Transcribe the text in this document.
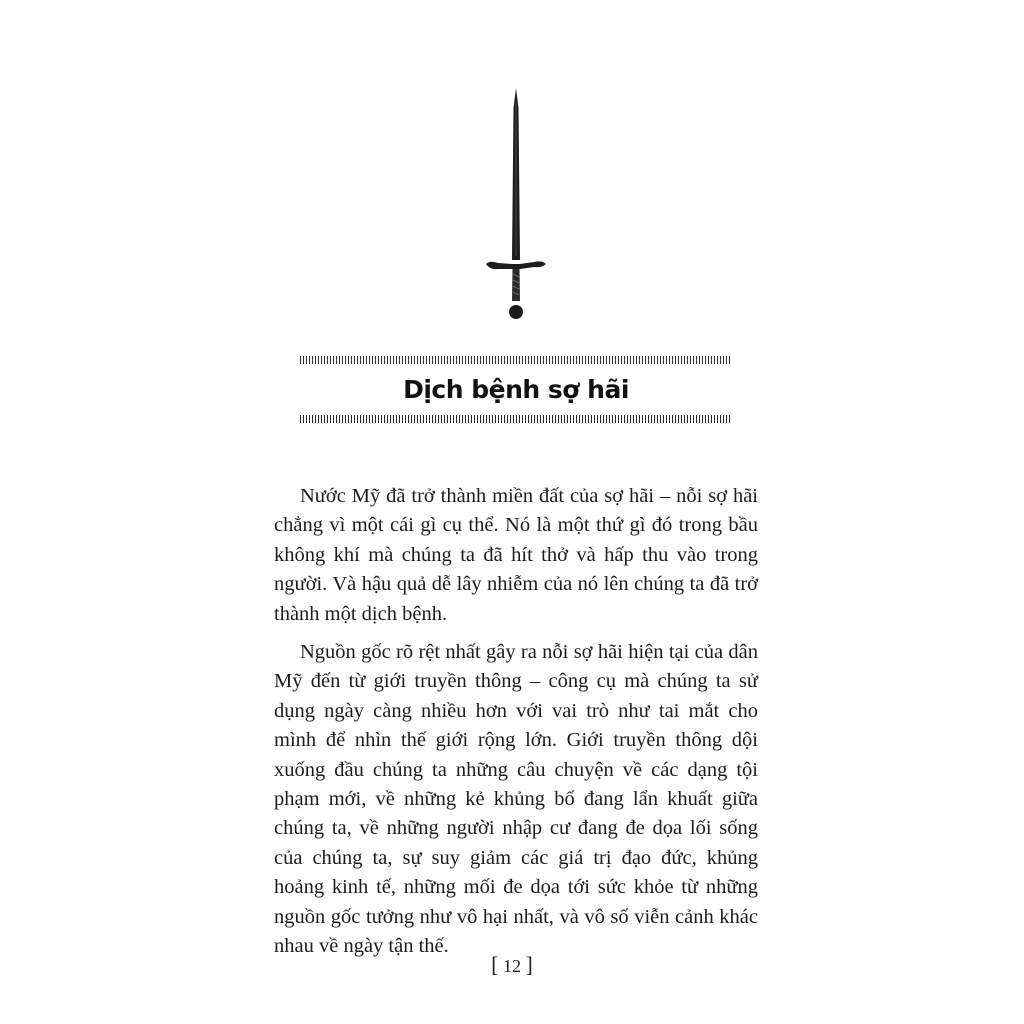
Dịch bệnh sợ hãi

Nước Mỹ đã trở thành miền đất của sợ hãi – nỗi sợ hãi chẳng vì một cái gì cụ thể. Nó là một thứ gì đó trong bầu không khí mà chúng ta đã hít thở và hấp thu vào trong người. Và hậu quả dễ lây nhiễm của nó lên chúng ta đã trở thành một dịch bệnh.

Nguồn gốc rõ rệt nhất gây ra nỗi sợ hãi hiện tại của dân Mỹ đến từ giới truyền thông – công cụ mà chúng ta sử dụng ngày càng nhiều hơn với vai trò như tai mắt cho mình để nhìn thế giới rộng lớn. Giới truyền thông dội xuống đầu chúng ta những câu chuyện về các dạng tội phạm mới, về những kẻ khủng bố đang lẩn khuất giữa chúng ta, về những người nhập cư đang đe dọa lối sống của chúng ta, sự suy giảm các giá trị đạo đức, khủng hoảng kinh tế, những mối đe dọa tới sức khỏe từ những nguồn gốc tưởng như vô hại nhất, và vô số viễn cảnh khác nhau về ngày tận thế.

[ 12 ]
